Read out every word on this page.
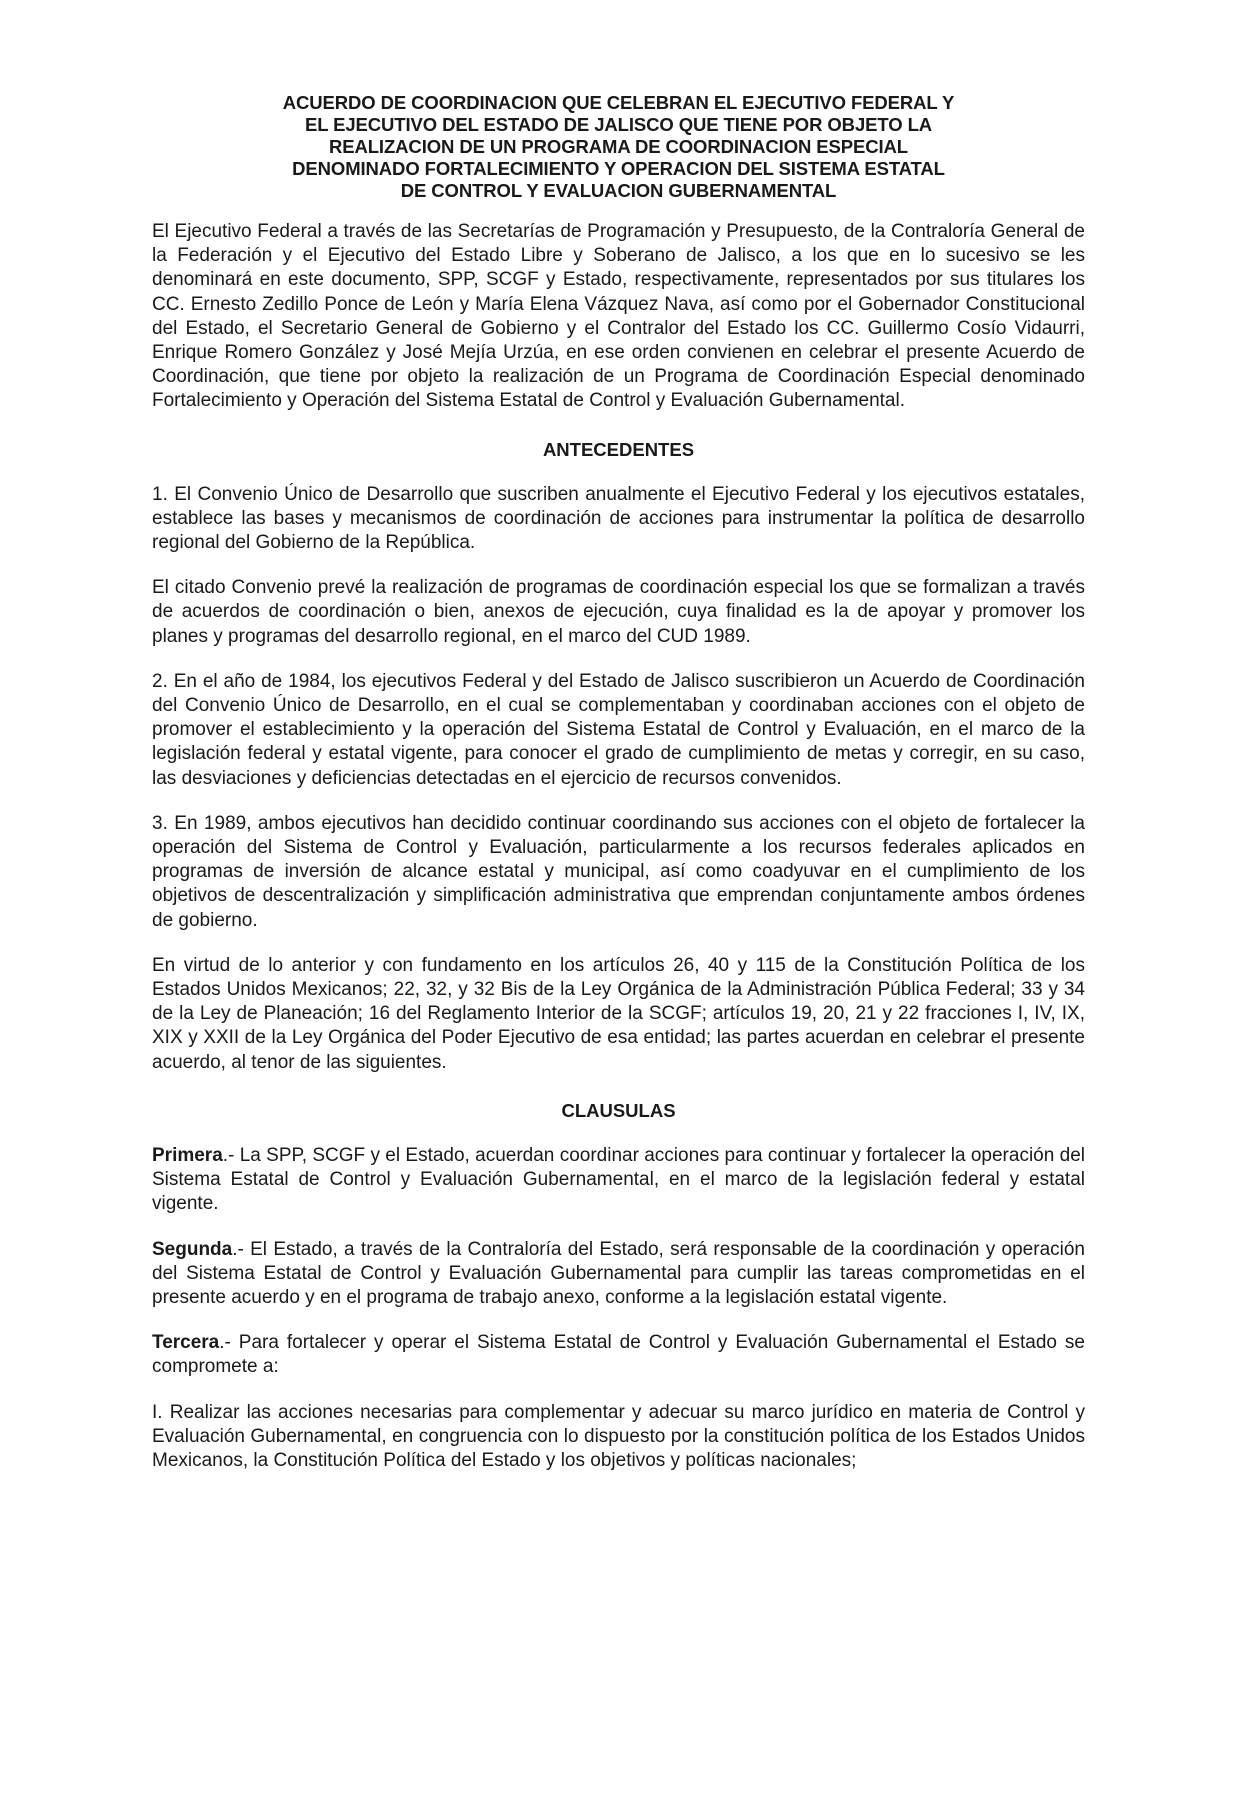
ACUERDO DE COORDINACION QUE CELEBRAN EL EJECUTIVO FEDERAL Y
EL EJECUTIVO DEL ESTADO DE JALISCO QUE TIENE POR OBJETO LA
REALIZACION DE UN PROGRAMA DE COORDINACION ESPECIAL
DENOMINADO FORTALECIMIENTO Y OPERACION DEL SISTEMA ESTATAL
DE CONTROL Y EVALUACION GUBERNAMENTAL

El Ejecutivo Federal a través de las Secretarías de Programación y Presupuesto, de la Contraloría General de la Federación y el Ejecutivo del Estado Libre y Soberano de Jalisco, a los que en lo sucesivo se les denominará en este documento, SPP, SCGF y Estado, respectivamente, representados por sus titulares los CC. Ernesto Zedillo Ponce de León y María Elena Vázquez Nava, así como por el Gobernador Constitucional del Estado, el Secretario General de Gobierno y el Contralor del Estado los CC. Guillermo Cosío Vidaurri, Enrique Romero González y José Mejía Urzúa, en ese orden convienen en celebrar el presente Acuerdo de Coordinación, que tiene por objeto la realización de un Programa de Coordinación Especial denominado Fortalecimiento y Operación del Sistema Estatal de Control y Evaluación Gubernamental.

ANTECEDENTES

1. El Convenio Único de Desarrollo que suscriben anualmente el Ejecutivo Federal y los ejecutivos estatales, establece las bases y mecanismos de coordinación de acciones para instrumentar la política de desarrollo regional del Gobierno de la República.

El citado Convenio prevé la realización de programas de coordinación especial los que se formalizan a través de acuerdos de coordinación o bien, anexos de ejecución, cuya finalidad es la de apoyar y promover los planes y programas del desarrollo regional, en el marco del CUD 1989.

2. En el año de 1984, los ejecutivos Federal y del Estado de Jalisco suscribieron un Acuerdo de Coordinación del Convenio Único de Desarrollo, en el cual se complementaban y coordinaban acciones con el objeto de promover el establecimiento y la operación del Sistema Estatal de Control y Evaluación, en el marco de la legislación federal y estatal vigente, para conocer el grado de cumplimiento de metas y corregir, en su caso, las desviaciones y deficiencias detectadas en el ejercicio de recursos convenidos.

3. En 1989, ambos ejecutivos han decidido continuar coordinando sus acciones con el objeto de fortalecer la operación del Sistema de Control y Evaluación, particularmente a los recursos federales aplicados en programas de inversión de alcance estatal y municipal, así como coadyuvar en el cumplimiento de los objetivos de descentralización y simplificación administrativa que emprendan conjuntamente ambos órdenes de gobierno.

En virtud de lo anterior y con fundamento en los artículos 26, 40 y 115 de la Constitución Política de los Estados Unidos Mexicanos; 22, 32, y 32 Bis de la Ley Orgánica de la Administración Pública Federal; 33 y 34 de la Ley de Planeación; 16 del Reglamento Interior de la SCGF; artículos 19, 20, 21 y 22 fracciones I, IV, IX, XIX y XXII de la Ley Orgánica del Poder Ejecutivo de esa entidad; las partes acuerdan en celebrar el presente acuerdo, al tenor de las siguientes.

CLAUSULAS

Primera.- La SPP, SCGF y el Estado, acuerdan coordinar acciones para continuar y fortalecer la operación del Sistema Estatal de Control y Evaluación Gubernamental, en el marco de la legislación federal y estatal vigente.

Segunda.- El Estado, a través de la Contraloría del Estado, será responsable de la coordinación y operación del Sistema Estatal de Control y Evaluación Gubernamental para cumplir las tareas comprometidas en el presente acuerdo y en el programa de trabajo anexo, conforme a la legislación estatal vigente.

Tercera.- Para fortalecer y operar el Sistema Estatal de Control y Evaluación Gubernamental el Estado se compromete a:

I. Realizar las acciones necesarias para complementar y adecuar su marco jurídico en materia de Control y Evaluación Gubernamental, en congruencia con lo dispuesto por la constitución política de los Estados Unidos Mexicanos, la Constitución Política del Estado y los objetivos y políticas nacionales;
